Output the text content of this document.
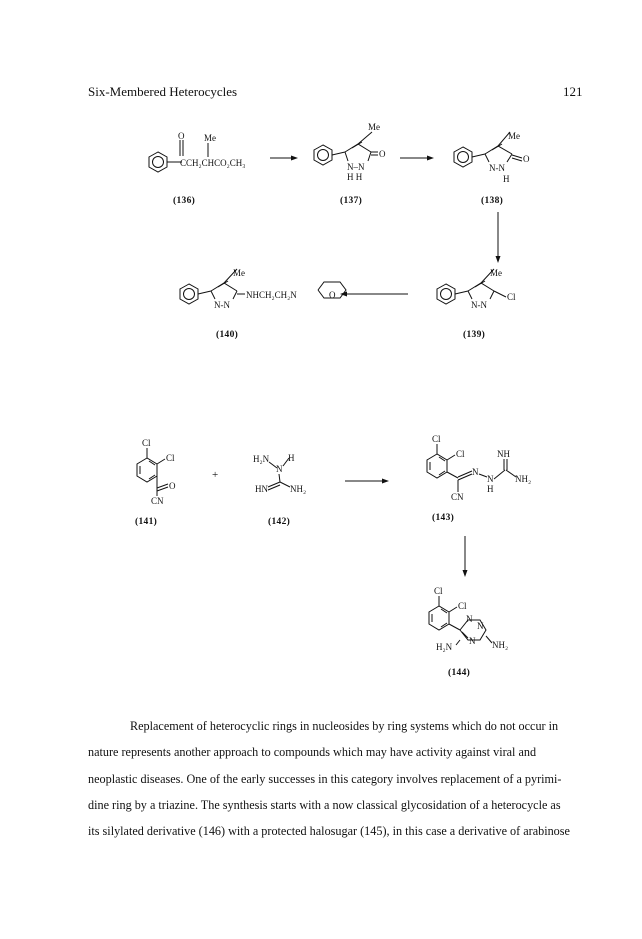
Six-Membered Heterocycles	121
O Me
CCH₂CHCO₂CH₃
(136)
Me
O
N–N
H H
(137)
Me
O
N-N
H
(138)
Me
Cl
N-N
(139)
Me
NHCH₂CH₂N	O
N-N
(140)
Cl
Cl
O
CN
(141)
+
H₂N
N
H
HN NH₂
(142)
Cl
Cl
N
N
H
NH
NH₂
CN
(143)
Cl
Cl
N
N
N
H₂N	NH₂
(144)

Replacement of heterocyclic rings in nucleosides by ring systems which do not occur in

nature represents another approach to compounds which may have activity against viral and

neoplastic diseases. One of the early successes in this category involves replacement of a pyrimi-

dine ring by a triazine. The synthesis starts with a now classical glycosidation of a heterocycle as

its silylated derivative (146) with a protected halosugar (145), in this case a derivative of arabinose
